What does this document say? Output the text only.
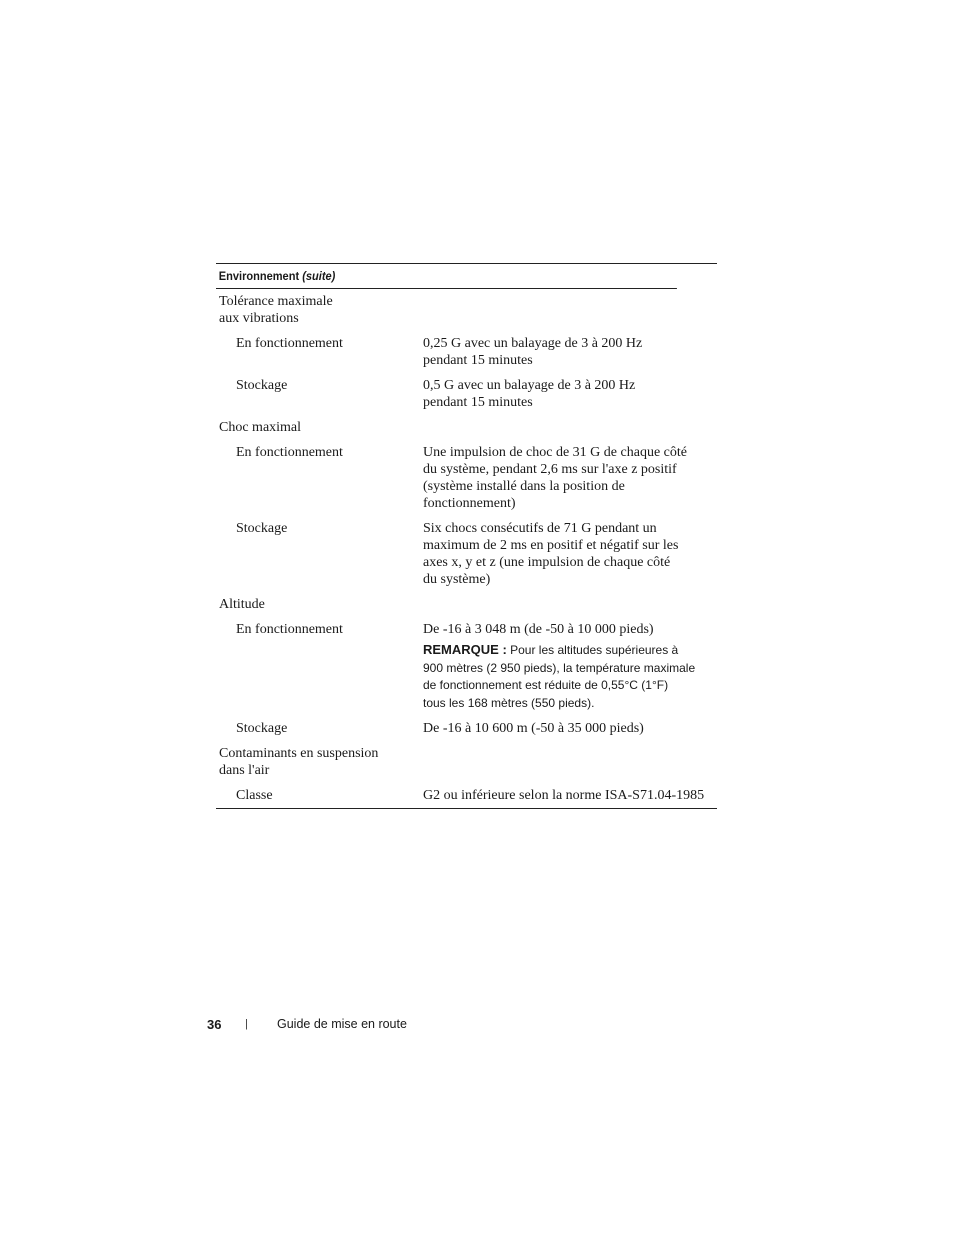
Environnement (suite)
Tolérance maximale
aux vibrations
En fonctionnement	0,25 G avec un balayage de 3 à 200 Hz
pendant 15 minutes
Stockage	0,5 G avec un balayage de 3 à 200 Hz
pendant 15 minutes
Choc maximal
En fonctionnement	Une impulsion de choc de 31 G de chaque côté
du système, pendant 2,6 ms sur l'axe z positif
(système installé dans la position de
fonctionnement)
Stockage	Six chocs consécutifs de 71 G pendant un
maximum de 2 ms en positif et négatif sur les
axes x, y et z (une impulsion de chaque côté
du système)
Altitude
En fonctionnement	De -16 à 3 048 m (de -50 à 10 000 pieds)
REMARQUE : Pour les altitudes supérieures à
900 mètres (2 950 pieds), la température maximale
de fonctionnement est réduite de 0,55°C (1°F)
tous les 168 mètres (550 pieds).
Stockage	De -16 à 10 600 m (-50 à 35 000 pieds)
Contaminants en suspension
dans l'air
Classe	G2 ou inférieure selon la norme ISA-S71.04-1985
36	|	Guide de mise en route
